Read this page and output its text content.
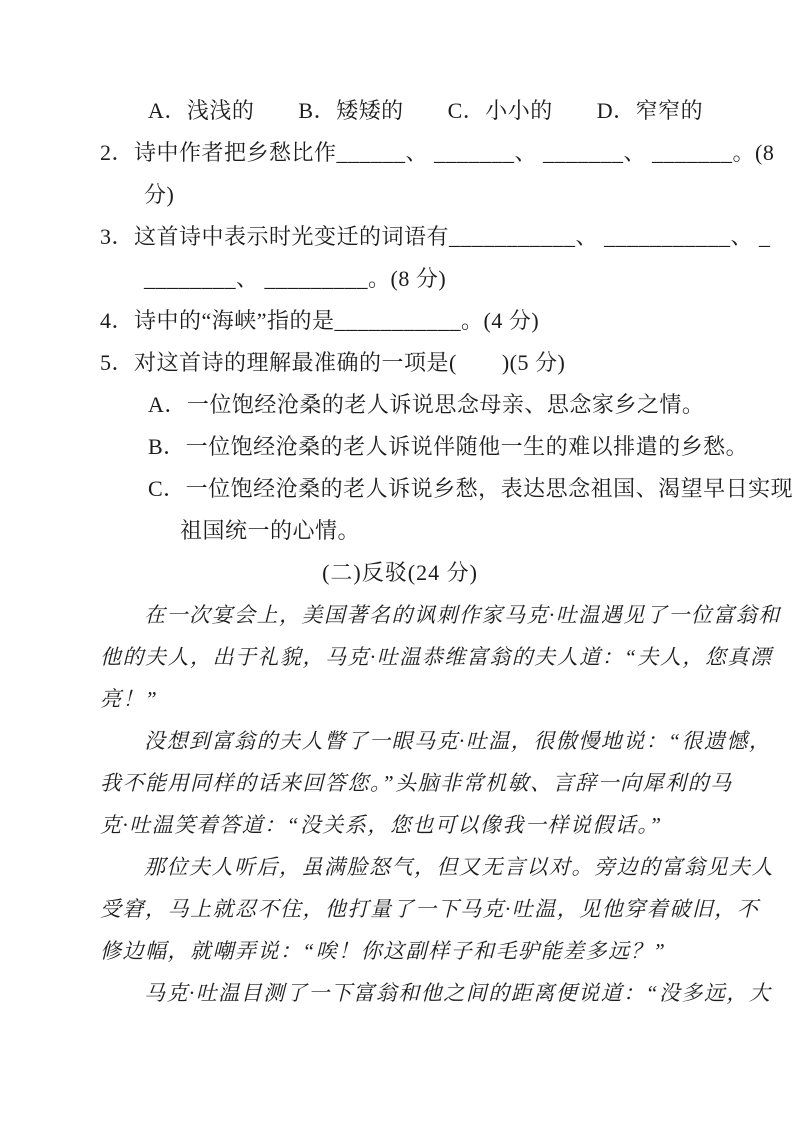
A．浅浅的 B．矮矮的 C．小小的 D．窄窄的
2．诗中作者把乡愁比作______、 _______、 _______、 _______。(8
分)
3．这首诗中表示时光变迁的词语有___________、 ___________、 _
________、 _________。(8 分)
4．诗中的“海峡”指的是___________。(4 分)
5．对这首诗的理解最准确的一项是(　　)(5 分)
A．一位饱经沧桑的老人诉说思念母亲、思念家乡之情。
B．一位饱经沧桑的老人诉说伴随他一生的难以排遣的乡愁。
C．一位饱经沧桑的老人诉说乡愁，表达思念祖国、渴望早日实现
祖国统一的心情。
(二)反驳(24 分)
在一次宴会上，美国著名的讽刺作家马克·吐温遇见了一位富翁和
他的夫人，出于礼貌，马克·吐温恭维富翁的夫人道：“夫人，您真漂
亮！”
没想到富翁的夫人瞥了一眼马克·吐温，很傲慢地说：“很遗憾，
我不能用同样的话来回答您。”头脑非常机敏、言辞一向犀利的马
克·吐温笑着答道：“没关系，您也可以像我一样说假话。”
那位夫人听后，虽满脸怒气，但又无言以对。旁边的富翁见夫人
受窘，马上就忍不住，他打量了一下马克·吐温，见他穿着破旧，不
修边幅，就嘲弄说：“唉！你这副样子和毛驴能差多远？”
马克·吐温目测了一下富翁和他之间的距离便说道：“没多远，大
